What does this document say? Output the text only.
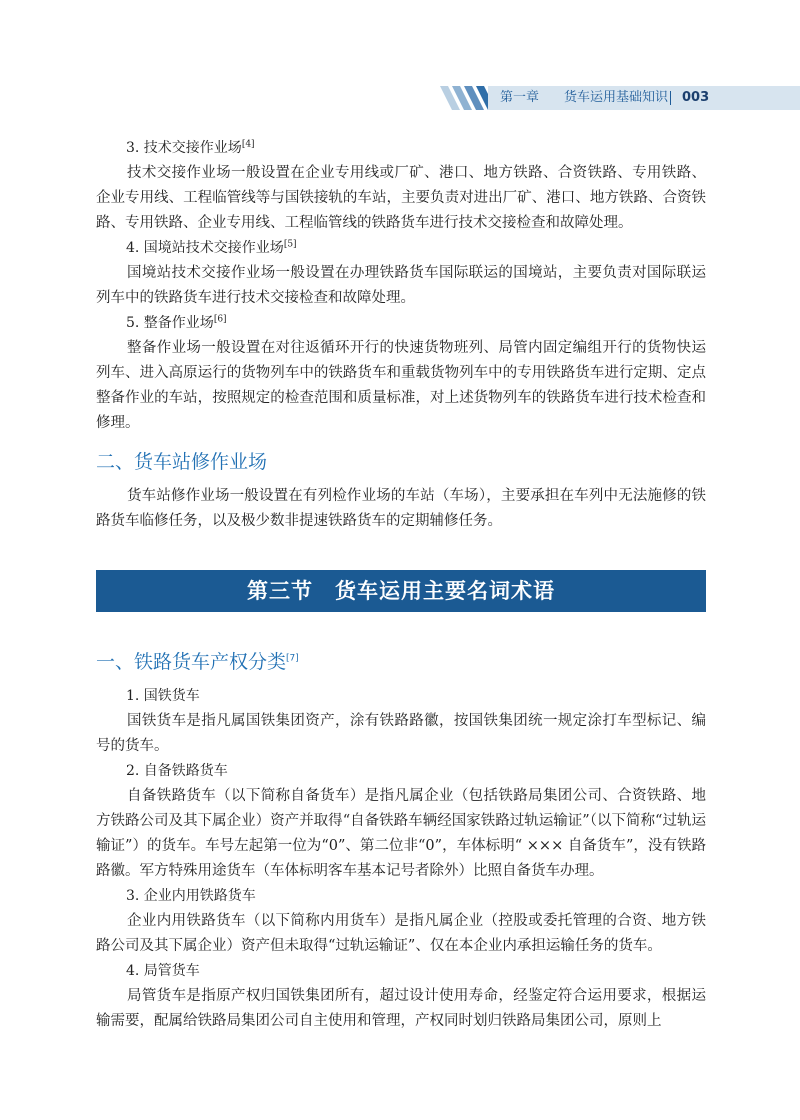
第一章 货车运用基础知识 003

3. 技术交接作业场[4]

技术交接作业场一般设置在企业专用线或厂矿、港口、地方铁路、合资铁路、专用铁路、企业专用线、工程临管线等与国铁接轨的车站，主要负责对进出厂矿、港口、地方铁路、合资铁路、专用铁路、企业专用线、工程临管线的铁路货车进行技术交接检查和故障处理。

4. 国境站技术交接作业场[5]

国境站技术交接作业场一般设置在办理铁路货车国际联运的国境站，主要负责对国际联运列车中的铁路货车进行技术交接检查和故障处理。

5. 整备作业场[6]

整备作业场一般设置在对往返循环开行的快速货物班列、局管内固定编组开行的货物快运列车、进入高原运行的货物列车中的铁路货车和重载货物列车中的专用铁路货车进行定期、定点整备作业的车站，按照规定的检查范围和质量标准，对上述货物列车的铁路货车进行技术检查和修理。

二、货车站修作业场

货车站修作业场一般设置在有列检作业场的车站（车场），主要承担在车列中无法施修的铁路货车临修任务，以及极少数非提速铁路货车的定期辅修任务。

第三节 货车运用主要名词术语
一、铁路货车产权分类[7]

1. 国铁货车

国铁货车是指凡属国铁集团资产，涂有铁路路徽，按国铁集团统一规定涂打车型标记、编号的货车。

2. 自备铁路货车

自备铁路货车（以下简称自备货车）是指凡属企业（包括铁路局集团公司、合资铁路、地方铁路公司及其下属企业）资产并取得“自备铁路车辆经国家铁路过轨运输证”（以下简称“过轨运输证”）的货车。车号左起第一位为“0”、第二位非“0”，车体标明“ ××× 自备货车”，没有铁路路徽。军方特殊用途货车（车体标明客车基本记号者除外）比照自备货车办理。

3. 企业内用铁路货车

企业内用铁路货车（以下简称内用货车）是指凡属企业（控股或委托管理的合资、地方铁路公司及其下属企业）资产但未取得“过轨运输证”、仅在本企业内承担运输任务的货车。

4. 局管货车

局管货车是指原产权归国铁集团所有，超过设计使用寿命，经鉴定符合运用要求，根据运输需要，配属给铁路局集团公司自主使用和管理，产权同时划归铁路局集团公司，原则上
